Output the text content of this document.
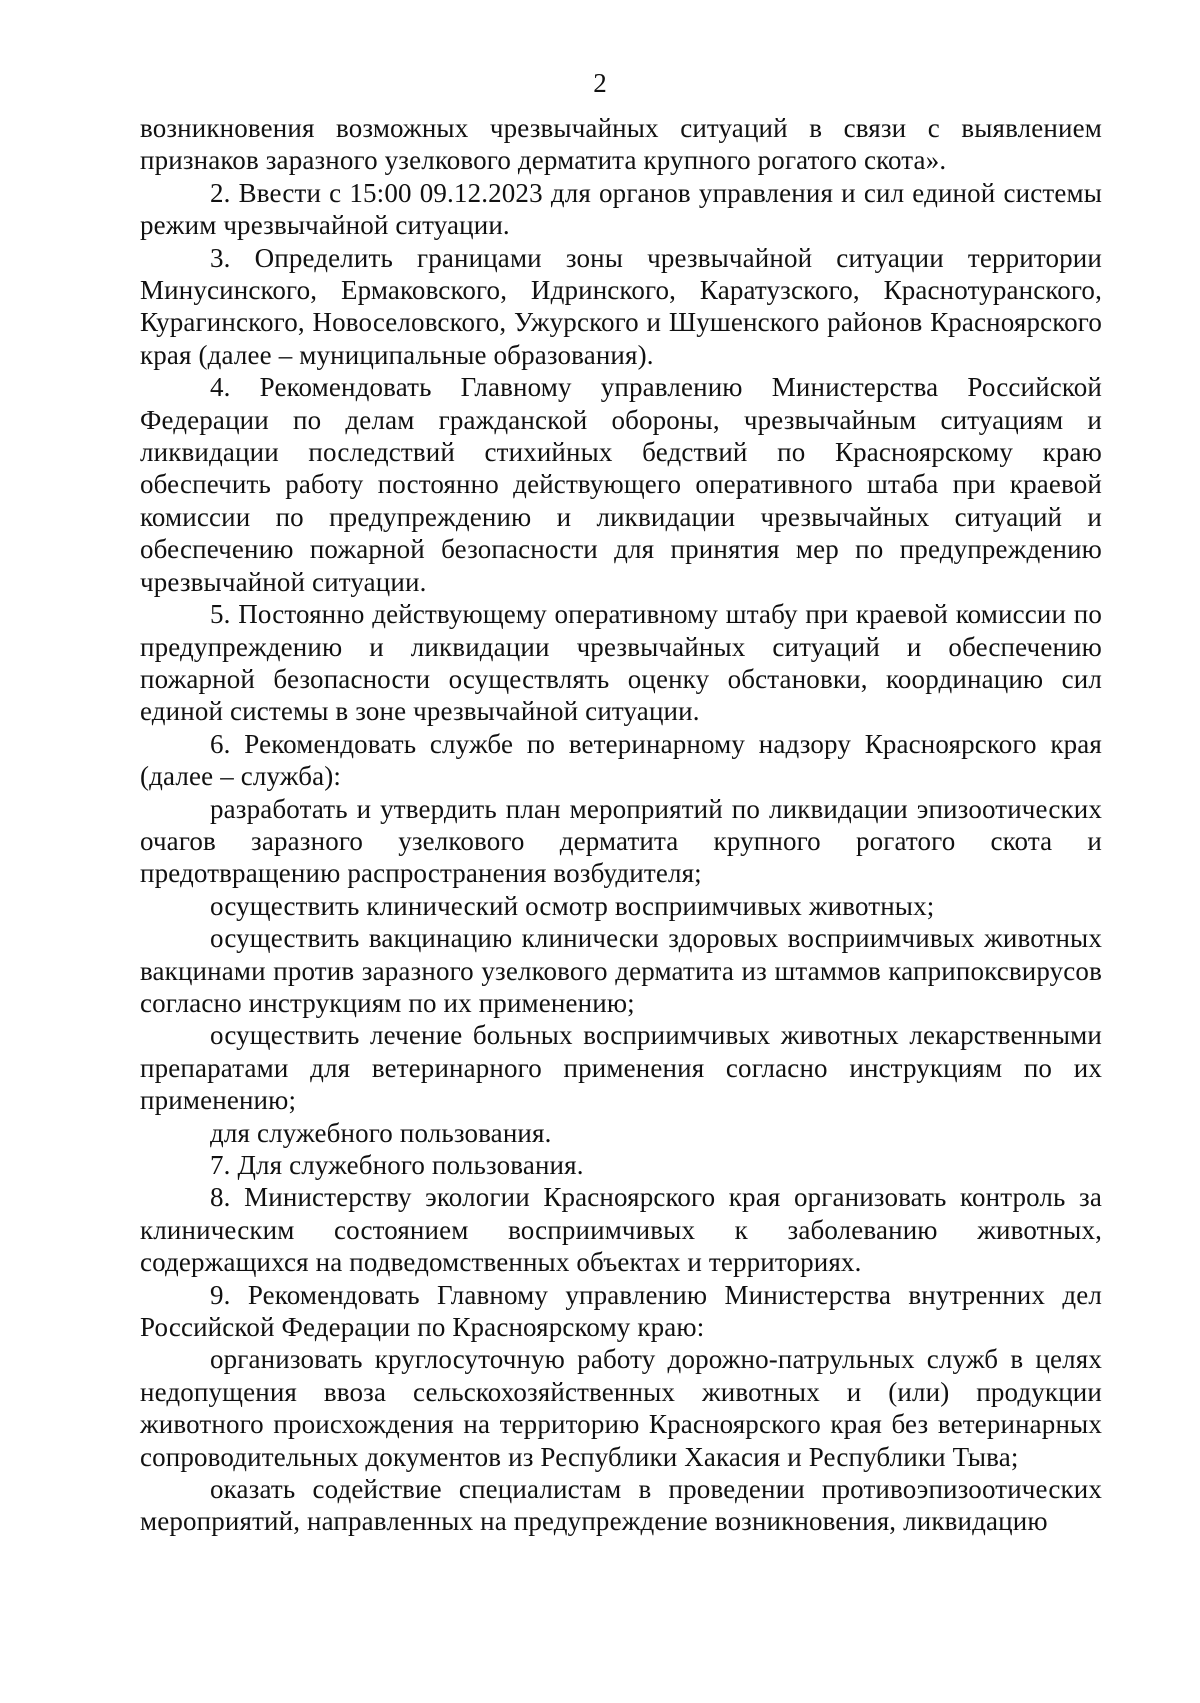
2

возникновения возможных чрезвычайных ситуаций в связи с выявлением признаков заразного узелкового дерматита крупного рогатого скота».

2. Ввести с 15:00 09.12.2023 для органов управления и сил единой системы режим чрезвычайной ситуации.

3. Определить границами зоны чрезвычайной ситуации территории Минусинского, Ермаковского, Идринского, Каратузского, Краснотуранского, Курагинского, Новоселовского, Ужурского и Шушенского районов Красноярского края (далее – муниципальные образования).

4. Рекомендовать Главному управлению Министерства Российской Федерации по делам гражданской обороны, чрезвычайным ситуациям и ликвидации последствий стихийных бедствий по Красноярскому краю обеспечить работу постоянно действующего оперативного штаба при краевой комиссии по предупреждению и ликвидации чрезвычайных ситуаций и обеспечению пожарной безопасности для принятия мер по предупреждению чрезвычайной ситуации.

5. Постоянно действующему оперативному штабу при краевой комиссии по предупреждению и ликвидации чрезвычайных ситуаций и обеспечению пожарной безопасности осуществлять оценку обстановки, координацию сил единой системы в зоне чрезвычайной ситуации.

6. Рекомендовать службе по ветеринарному надзору Красноярского края (далее – служба):

разработать и утвердить план мероприятий по ликвидации эпизоотических очагов заразного узелкового дерматита крупного рогатого скота и предотвращению распространения возбудителя;

осуществить клинический осмотр восприимчивых животных;

осуществить вакцинацию клинически здоровых восприимчивых животных вакцинами против заразного узелкового дерматита из штаммов каприпоксвирусов согласно инструкциям по их применению;

осуществить лечение больных восприимчивых животных лекарственными препаратами для ветеринарного применения согласно инструкциям по их применению;

для служебного пользования.

7. Для служебного пользования.

8. Министерству экологии Красноярского края организовать контроль за клиническим состоянием восприимчивых к заболеванию животных, содержащихся на подведомственных объектах и территориях.

9. Рекомендовать Главному управлению Министерства внутренних дел Российской Федерации по Красноярскому краю:

организовать круглосуточную работу дорожно-патрульных служб в целях недопущения ввоза сельскохозяйственных животных и (или) продукции животного происхождения на территорию Красноярского края без ветеринарных сопроводительных документов из Республики Хакасия и Республики Тыва;

оказать содействие специалистам в проведении противоэпизоотических мероприятий, направленных на предупреждение возникновения, ликвидацию
